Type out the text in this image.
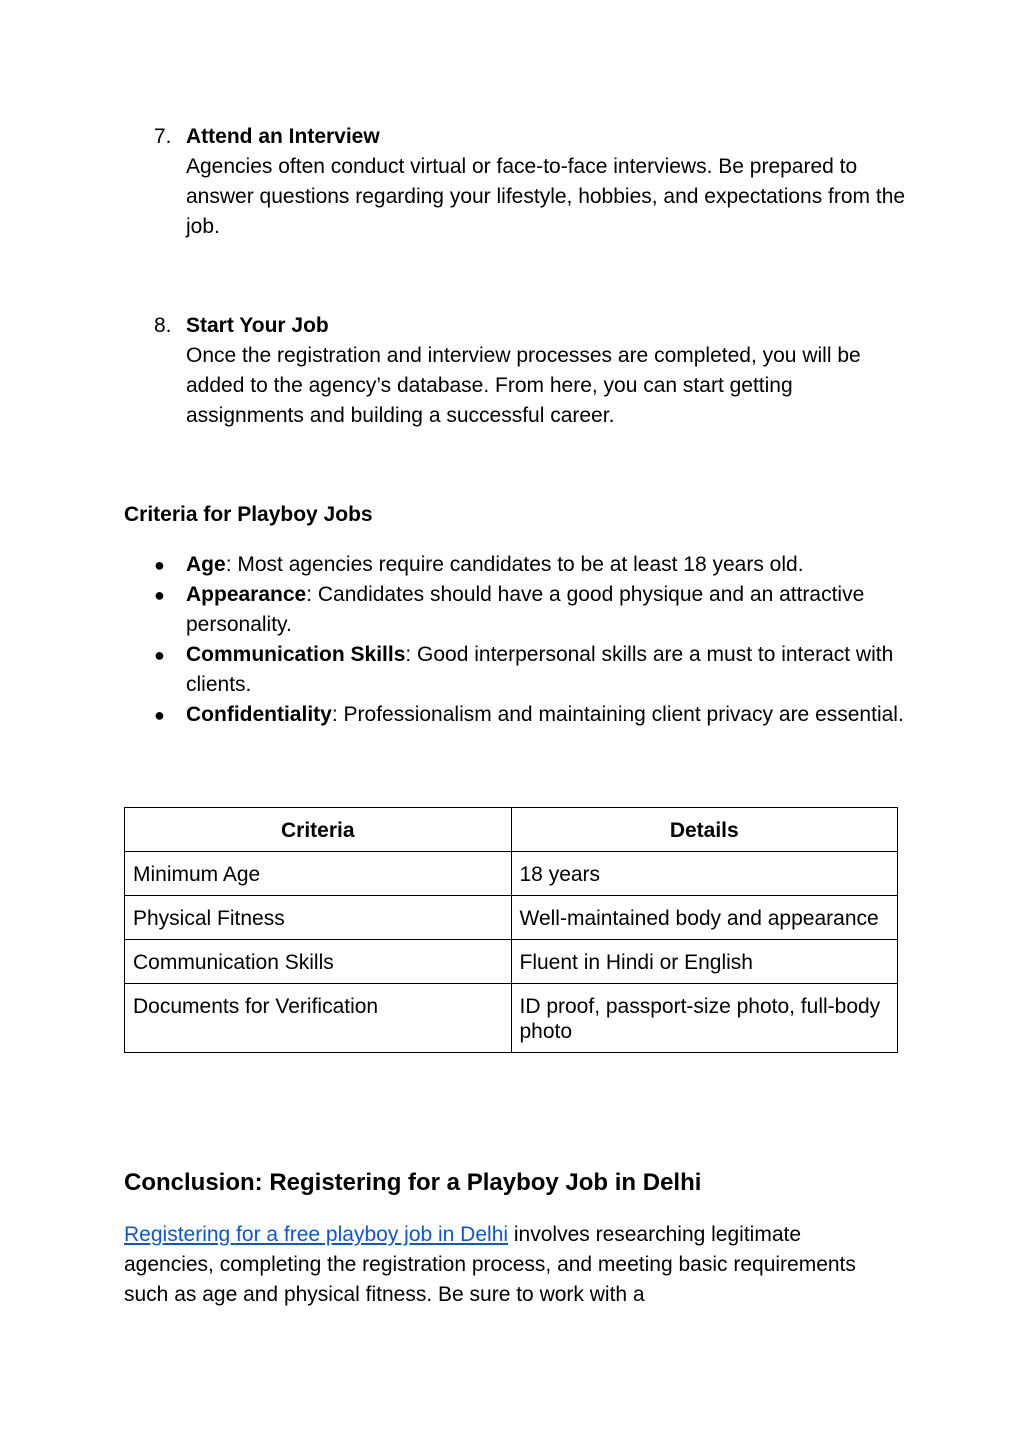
7. Attend an Interview
Agencies often conduct virtual or face-to-face interviews. Be prepared to answer questions regarding your lifestyle, hobbies, and expectations from the job.
8. Start Your Job
Once the registration and interview processes are completed, you will be added to the agency’s database. From here, you can start getting assignments and building a successful career.
Criteria for Playboy Jobs
● Age: Most agencies require candidates to be at least 18 years old.
● Appearance: Candidates should have a good physique and an attractive personality.
● Communication Skills: Good interpersonal skills are a must to interact with clients.
● Confidentiality: Professionalism and maintaining client privacy are essential.
Criteria	Details
Minimum Age	18 years
Physical Fitness	Well-maintained body and appearance
Communication Skills	Fluent in Hindi or English
Documents for Verification	ID proof, passport-size photo, full-body photo
Conclusion: Registering for a Playboy Job in Delhi
Registering for a free playboy job in Delhi involves researching legitimate agencies, completing the registration process, and meeting basic requirements such as age and physical fitness. Be sure to work with a
